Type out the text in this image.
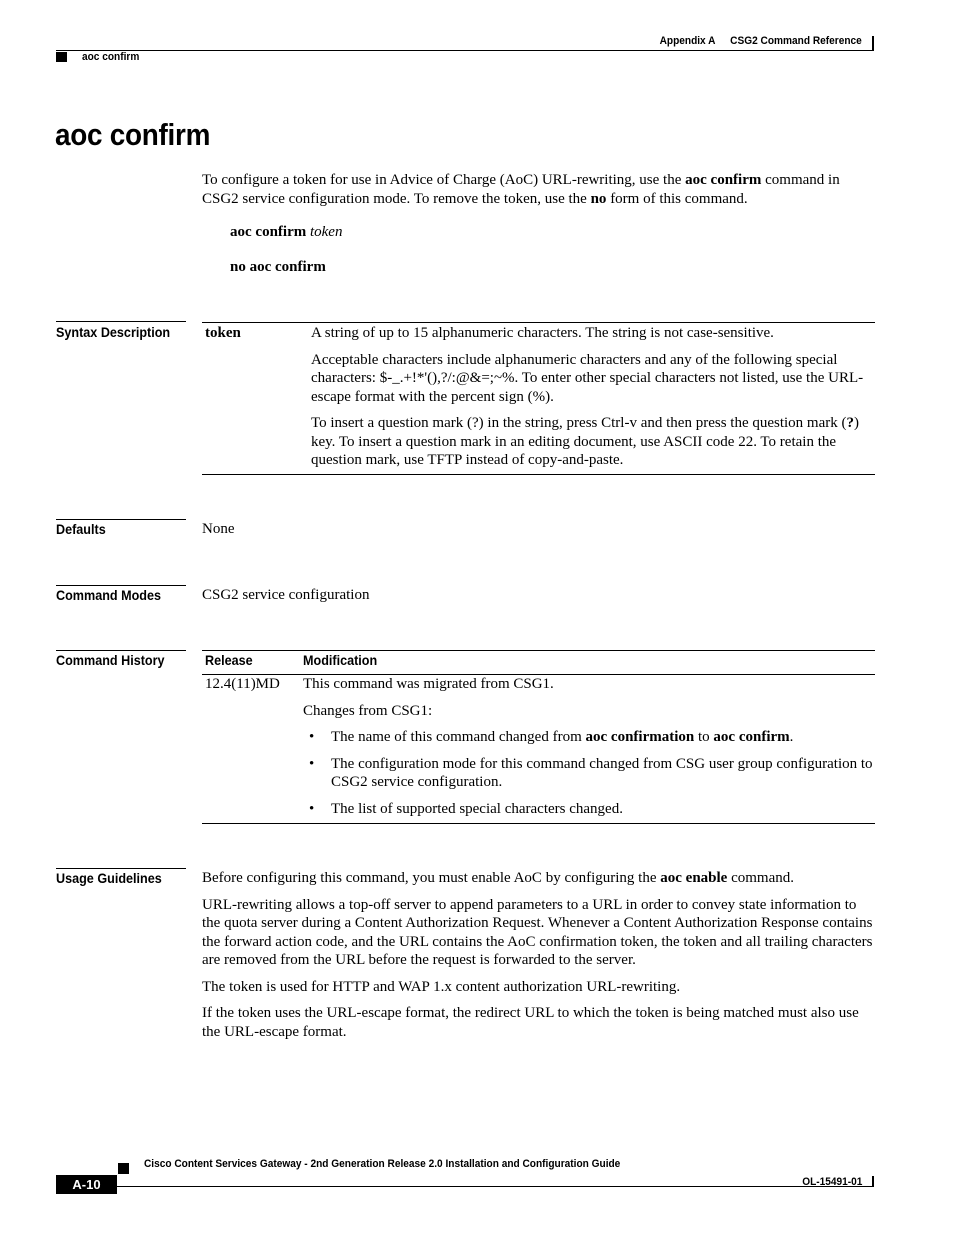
Appendix A CSG2 Command Reference
aoc confirm
aoc confirm
To configure a token for use in Advice of Charge (AoC) URL-rewriting, use the aoc confirm command in CSG2 service configuration mode. To remove the token, use the no form of this command.
aoc confirm token
no aoc confirm
Syntax Description token	A string of up to 15 alphanumeric characters. The string is not case-sensitive.
Acceptable characters include alphanumeric characters and any of the following special characters: $-_.+!*'(),?/:@&=;~%. To enter other special characters not listed, use the URL-escape format with the percent sign (%).
To insert a question mark (?) in the string, press Ctrl-v and then press the question mark (?) key. To insert a question mark in an editing document, use ASCII code 22. To retain the question mark, use TFTP instead of copy-and-paste.
Defaults	None
Command Modes	CSG2 service configuration
Command History	Release	Modification
12.4(11)MD This command was migrated from CSG1.
Changes from CSG1:
• The name of this command changed from aoc confirmation to aoc confirm.
• The configuration mode for this command changed from CSG user group configuration to CSG2 service configuration.
• The list of supported special characters changed.
Usage Guidelines	Before configuring this command, you must enable AoC by configuring the aoc enable command.

URL-rewriting allows a top-off server to append parameters to a URL in order to convey state information to the quota server during a Content Authorization Request. Whenever a Content Authorization Response contains the forward action code, and the URL contains the AoC confirmation token, the token and all trailing characters are removed from the URL before the request is forwarded to the server.

The token is used for HTTP and WAP 1.x content authorization URL-rewriting.

If the token uses the URL-escape format, the redirect URL to which the token is being matched must also use the URL-escape format.

Cisco Content Services Gateway - 2nd Generation Release 2.0 Installation and Configuration Guide
A-10	OL-15491-01
